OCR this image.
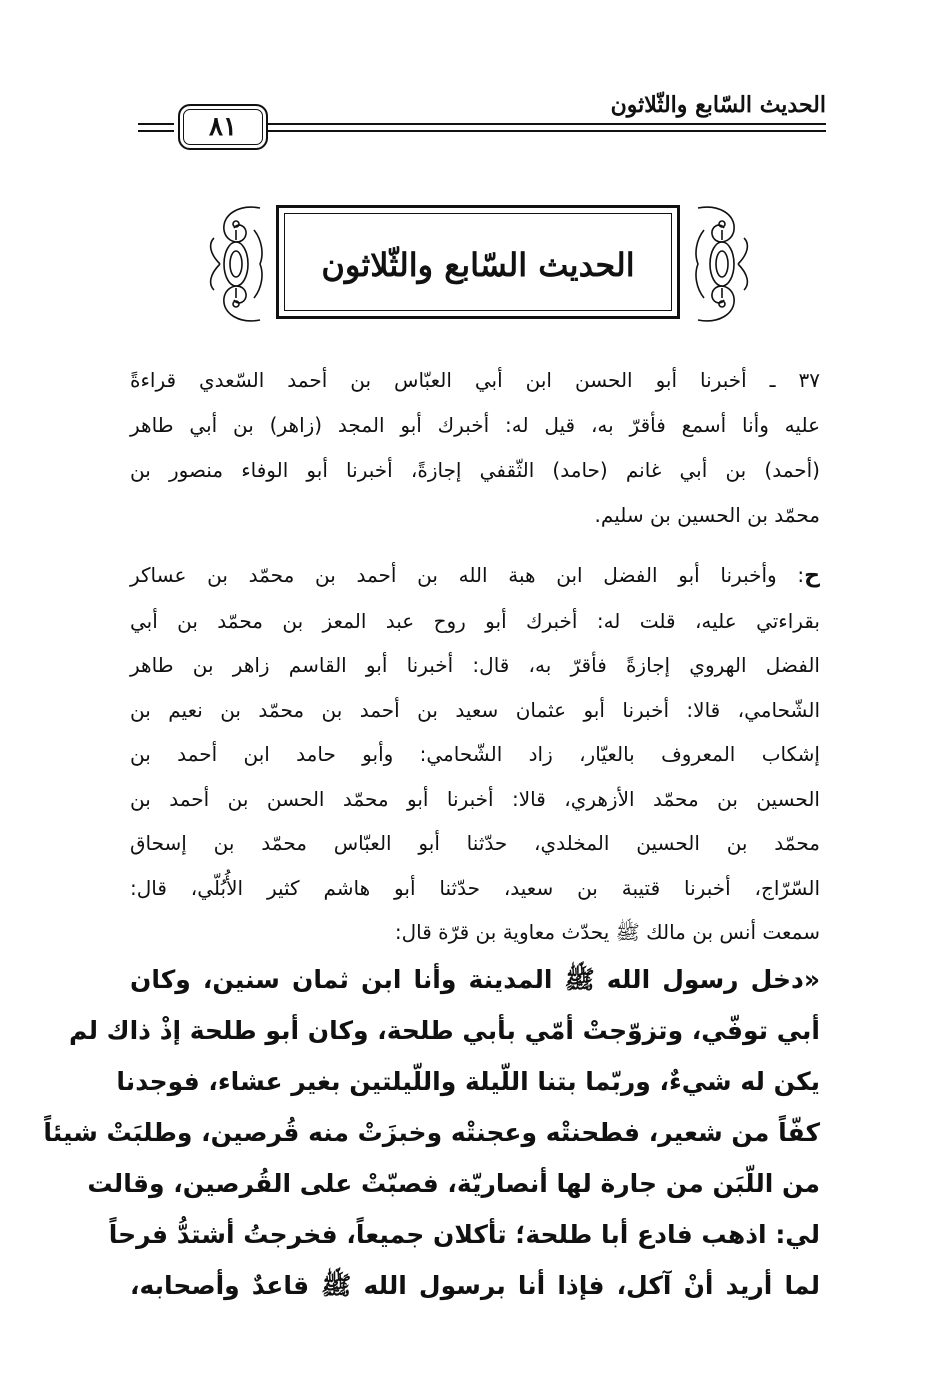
الحديث السّابع والثّلاثون
٨١
الحديث السّابع والثّلاثون
٣٧ ـ أخبرنا أبو الحسن ابن أبي العبّاس بن أحمد السّعدي قراءةً
عليه وأنا أسمع فأقرّ به، قيل له: أخبرك أبو المجد (زاهر) بن أبي طاهر
(أحمد) بن أبي غانم (حامد) الثّقفي إجازةً، أخبرنا أبو الوفاء منصور بن
محمّد بن الحسين بن سليم.
ح: وأخبرنا أبو الفضل ابن هبة الله بن أحمد بن محمّد بن عساكر
بقراءتي عليه، قلت له: أخبرك أبو روح عبد المعز بن محمّد بن أبي
الفضل الهروي إجازةً فأقرّ به، قال: أخبرنا أبو القاسم زاهر بن طاهر
الشّحامي، قالا: أخبرنا أبو عثمان سعيد بن أحمد بن محمّد بن نعيم بن
إشكاب المعروف بالعيّار، زاد الشّحامي: وأبو حامد ابن أحمد بن
الحسين بن محمّد الأزهري، قالا: أخبرنا أبو محمّد الحسن بن أحمد بن
محمّد بن الحسين المخلدي، حدّثنا أبو العبّاس محمّد بن إسحاق
السّرّاج، أخبرنا قتيبة بن سعيد، حدّثنا أبو هاشم كثير الأُبُلّي، قال:
سمعت أنس بن مالك ﷺ يحدّث معاوية بن قرّة قال:
«دخل رسول الله ﷺ المدينة وأنا ابن ثمان سنين، وكان
أبي توفّي، وتزوّجتْ أمّي بأبي طلحة، وكان أبو طلحة إذْ ذاك لم
يكن له شيءٌ، وربّما بتنا اللّيلة واللّيلتين بغير عشاء، فوجدنا
كفّاً من شعير، فطحنتْه وعجنتْه وخبزَتْ منه قُرصين، وطلبَتْ شيئاً
من اللّبَن من جارة لها أنصاريّة، فصبّتْ على القُرصين، وقالت
لي: اذهب فادع أبا طلحة؛ تأكلان جميعاً، فخرجتُ أشتدُّ فرحاً
لما أريد أنْ آكل، فإذا أنا برسول الله ﷺ قاعدٌ وأصحابه،
